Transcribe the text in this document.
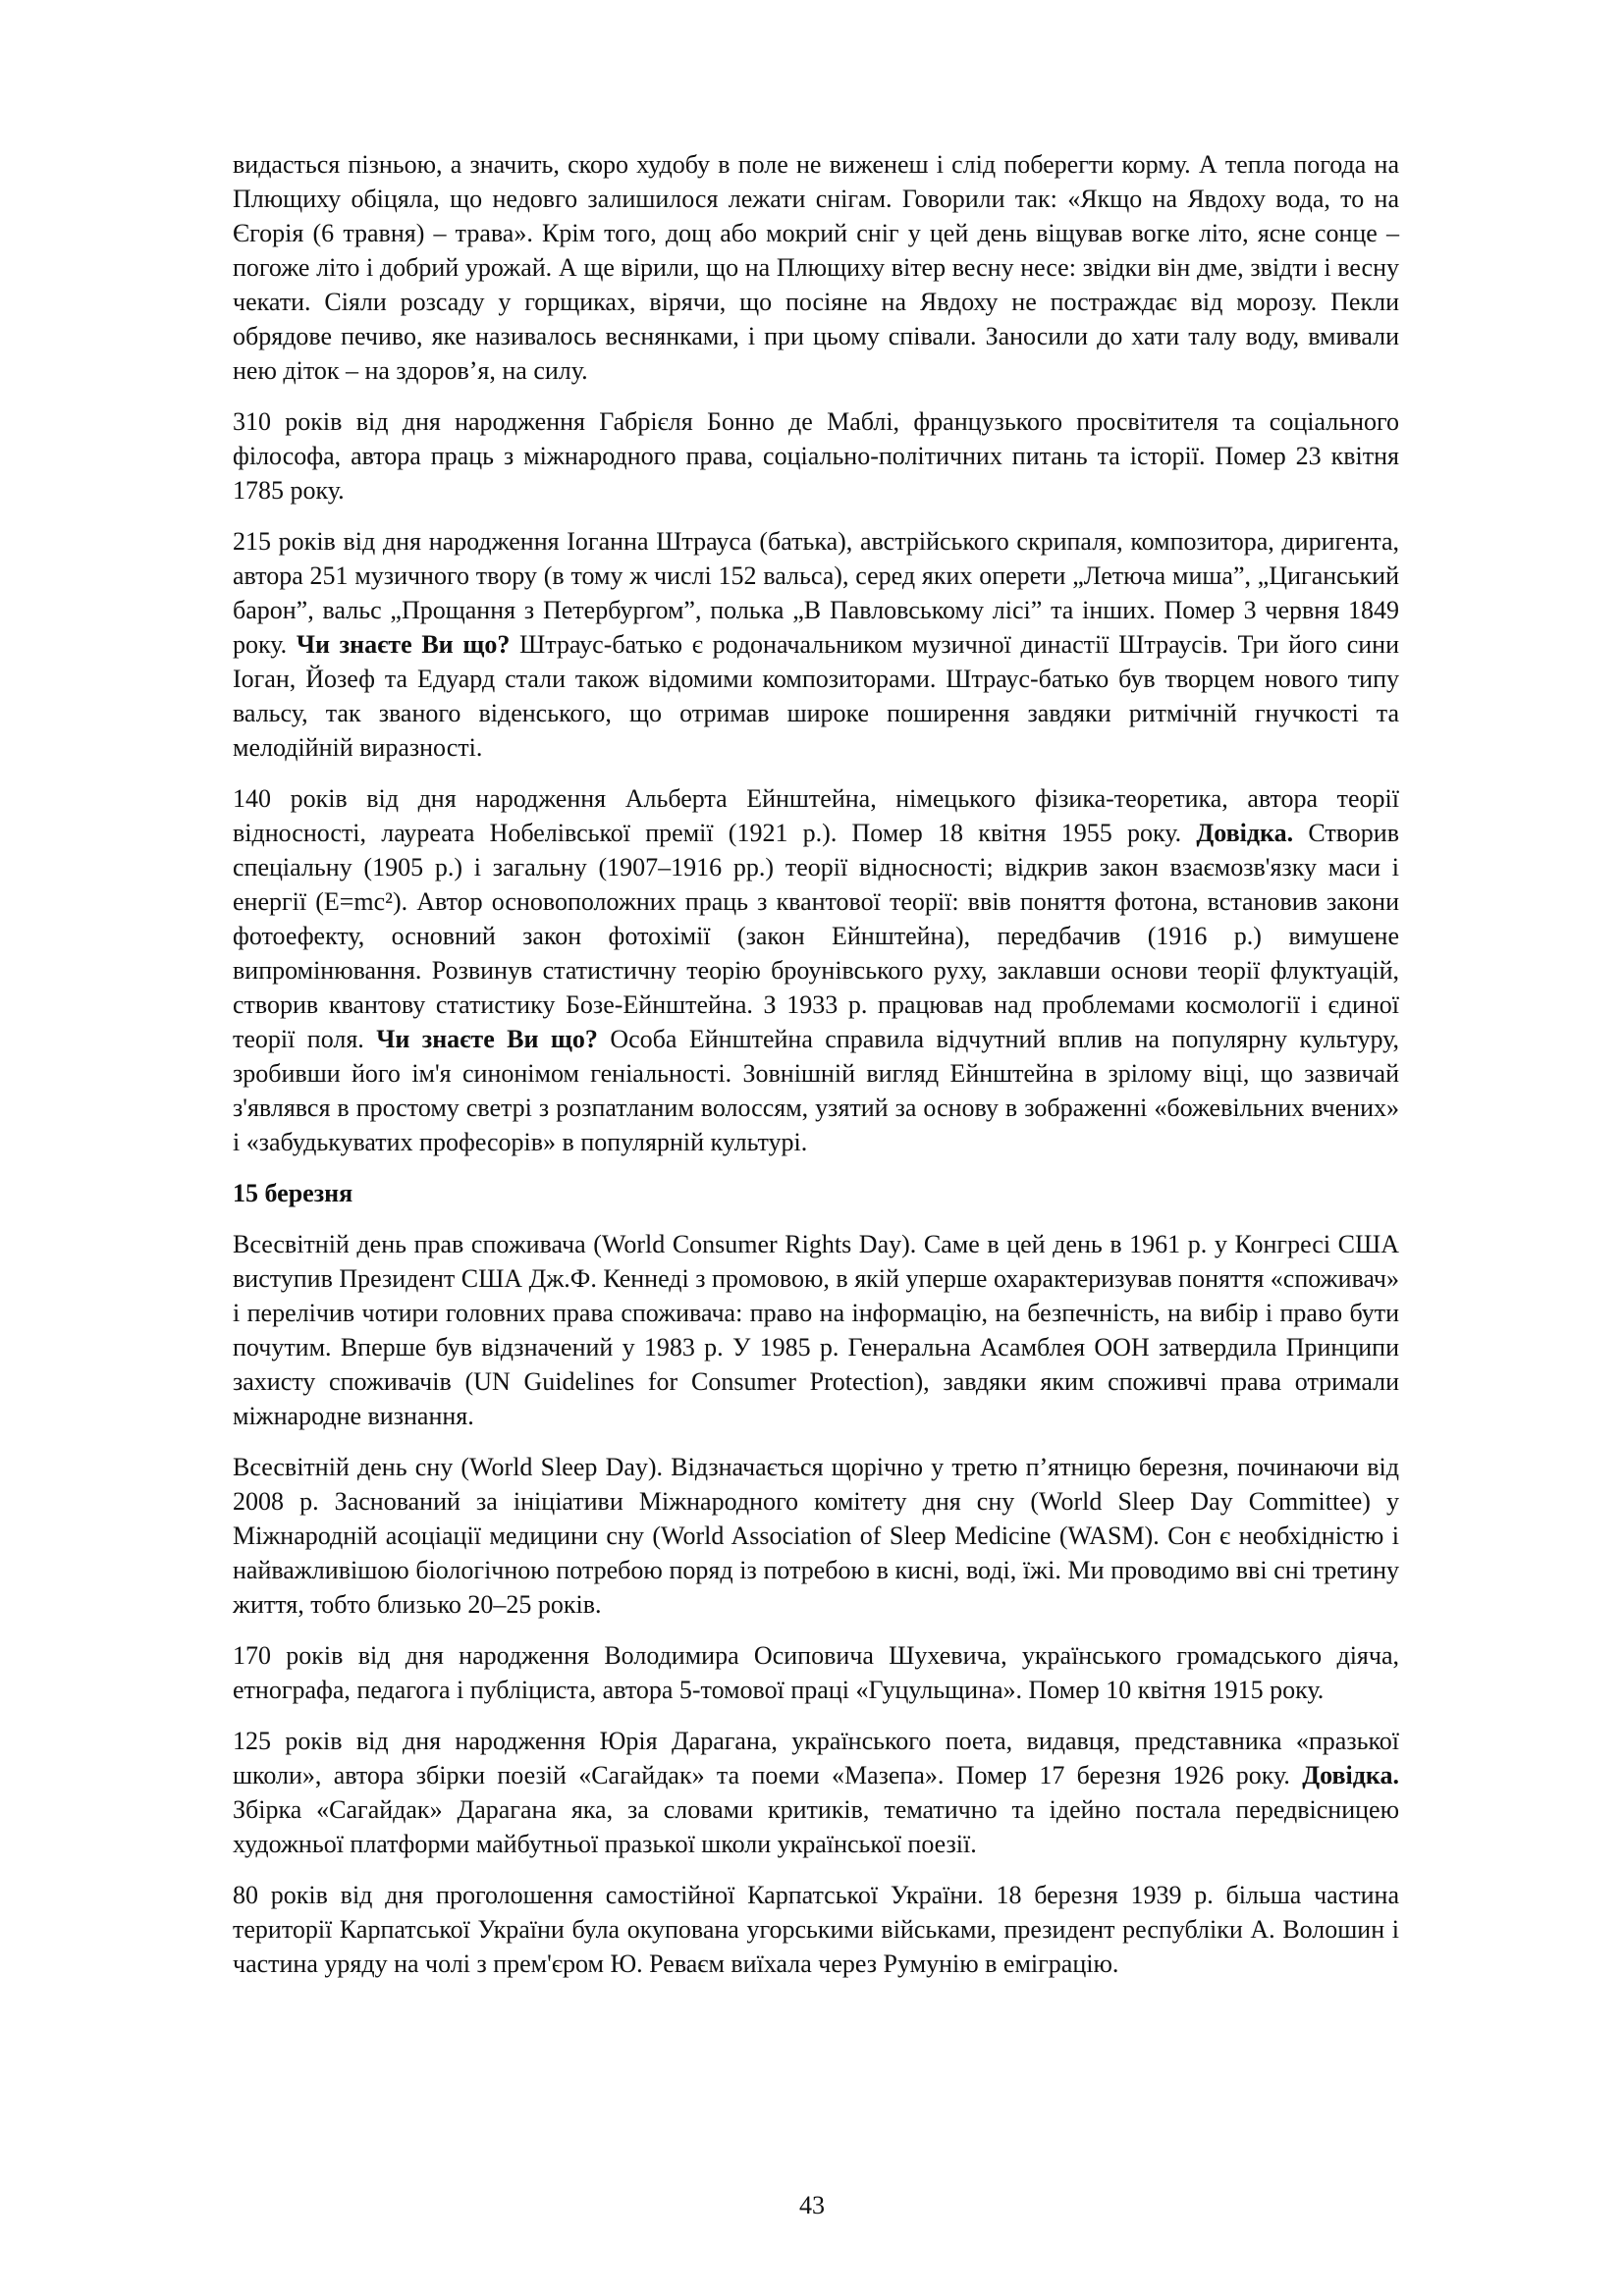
видасться пізньою, а значить, скоро худобу в поле не виженеш і слід поберегти корму. А тепла погода на Плющиху обіцяла, що недовго залишилося лежати снігам. Говорили так: «Якщо на Явдоху вода, то на Єгорія (6 травня) – трава». Крім того, дощ або мокрий сніг у цей день віщував вогке літо, ясне сонце – погоже літо і добрий урожай. А ще вірили, що на Плющиху вітер весну несе: звідки він дме, звідти і весну чекати. Сіяли розсаду у горщиках, вірячи, що посіяне на Явдоху не постраждає від морозу. Пекли обрядове печиво, яке називалось веснянками, і при цьому співали. Заносили до хати талу воду, вмивали нею діток – на здоров’я, на силу.

310 років від дня народження Габрієля Бонно де Маблі, французького просвітителя та соціального філософа, автора праць з міжнародного права, соціально-політичних питань та історії. Помер 23 квітня 1785 року.

215 років від дня народження Іоганна Штрауса (батька), австрійського скрипаля, композитора, диригента, автора 251 музичного твору (в тому ж числі 152 вальса), серед яких оперети „Летюча миша”, „Циганський барон”, вальс „Прощання з Петербургом”, полька „В Павловському лісі” та інших. Помер 3 червня 1849 року. Чи знаєте Ви що? Штраус-батько є родоначальником музичної династії Штраусів. Три його сини Іоган, Йозеф та Едуард стали також відомими композиторами. Штраус-батько був творцем нового типу вальсу, так званого віденського, що отримав широке поширення завдяки ритмічній гнучкості та мелодійній виразності.

140 років від дня народження Альберта Ейнштейна, німецького фізика-теоретика, автора теорії відносності, лауреата Нобелівської премії (1921 р.). Помер 18 квітня 1955 року. Довідка. Створив спеціальну (1905 р.) і загальну (1907–1916 рр.) теорії відносності; відкрив закон взаємозв'язку маси і енергії (E=mc²). Автор основоположних праць з квантової теорії: ввів поняття фотона, встановив закони фотоефекту, основний закон фотохімії (закон Ейнштейна), передбачив (1916 р.) вимушене випромінювання. Розвинув статистичну теорію броунівського руху, заклавши основи теорії флуктуацій, створив квантову статистику Бозе-Ейнштейна. З 1933 р. працював над проблемами космології і єдиної теорії поля. Чи знаєте Ви що? Особа Ейнштейна справила відчутний вплив на популярну культуру, зробивши його ім'я синонімом геніальності. Зовнішній вигляд Ейнштейна в зрілому віці, що зазвичай з'являвся в простому светрі з розпатланим волоссям, узятий за основу в зображенні «божевільних вчених» і «забудькуватих професорів» в популярній культурі.

15 березня

Всесвітній день прав споживача (World Consumer Rights Day). Саме в цей день в 1961 р. у Конгресі США виступив Президент США Дж.Ф. Кеннеді з промовою, в якій уперше охарактеризував поняття «споживач» і перелічив чотири головних права споживача: право на інформацію, на безпечність, на вибір і право бути почутим. Вперше був відзначений у 1983 р. У 1985 р. Генеральна Асамблея ООН затвердила Принципи захисту споживачів (UN Guidelines for Consumer Protection), завдяки яким споживчі права отримали міжнародне визнання.

Всесвітній день сну (World Sleep Day). Відзначається щорічно у третю п’ятницю березня, починаючи від 2008 р. Заснований за ініціативи Міжнародного комітету дня сну (World Sleep Day Committee) у Міжнародній асоціації медицини сну (World Association of Sleep Medicine (WASM). Сон є необхідністю і найважливішою біологічною потребою поряд із потребою в кисні, воді, їжі. Ми проводимо вві сні третину життя, тобто близько 20–25 років.

170 років від дня народження Володимира Осиповича Шухевича, українського громадського діяча, етнографа, педагога і публіциста, автора 5-томової праці «Гуцульщина». Помер 10 квітня 1915 року.

125 років від дня народження Юрія Дарагана, українського поета, видавця, представника «празької школи», автора збірки поезій «Сагайдак» та поеми «Мазепа». Помер 17 березня 1926 року. Довідка. Збірка «Сагайдак» Дарагана яка, за словами критиків, тематично та ідейно постала передвісницею художньої платформи майбутньої празької школи української поезії.

80 років від дня проголошення самостійної Карпатської України. 18 березня 1939 р. більша частина території Карпатської України була окупована угорськими військами, президент республіки А. Волошин і частина уряду на чолі з прем'єром Ю. Реваєм виїхала через Румунію в еміграцію.

43
